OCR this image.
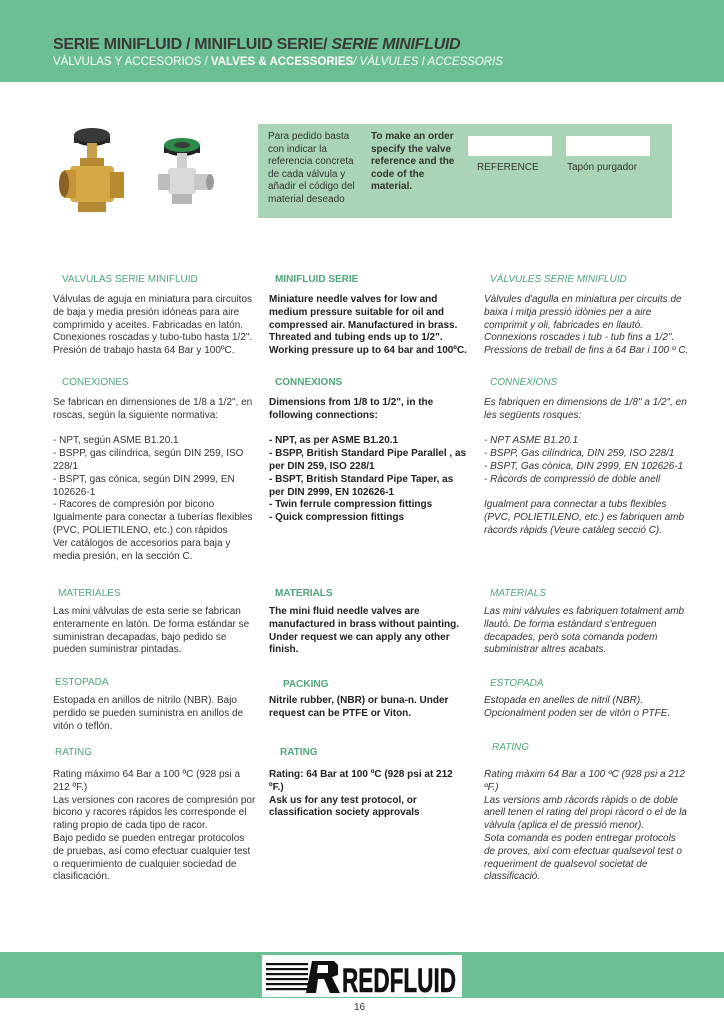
SERIE MINIFLUID / MINIFLUID SERIE/ SERIE MINIFLUID
VÁLVULAS Y ACCESORIOS / VALVES & ACCESSORIES/ VÀLVULES I ACCESSORIS
Para pedido basta con indicar la referencia concreta de cada válvula y añadir el código del material deseado
To make an order specify the valve reference and the code of the material.
REFERENCE	Tapón purgador
VALVULAS SERIE MINIFLUID	MINIFLUID SERIE	VÀLVULES SERIE MINIFLUID

Válvulas de aguja en miniatura para circuitos de baja y media presión idóneas para aire comprimido y aceites. Fabricadas en latón. Conexiones roscadas y tubo-tubo hasta 1/2". Presión de trabajo hasta 64 Bar y 100ºC.

Miniature needle valves for low and medium pressure suitable for oil and compressed air. Manufactured in brass. Threated and tubing ends up to 1/2". Working pressure up to 64 bar and 100ºC.

Vàlvules d'agulla en miniatura per circuits de baixa i mitja pressió idònies per a aire comprimit y oli, fabricades en llautó. Connexions roscades i tub - tub fins a 1/2". Pressions de treball de fins a 64 Bar i 100 º C.

CONEXIONES	CONNEXIONS	CONNEXIONS

Se fabrican en dimensiones de 1/8 a 1/2", en roscas, según la siguiente normativa:

- NPT, según ASME B1.20.1
- BSPP, gas cilíndrica, según DIN 259, ISO 228/1
- BSPT, gas cónica, según DIN 2999, EN 102626-1
- Racores de compresión por bicono
Igualmente para conectar a tuberías flexibles (PVC, POLIETILENO, etc.) con rápidos
Ver catálogos de accesorios para baja y media presión, en la sección C.

Dimensions from 1/8 to 1/2", in the following connections:

- NPT, as per ASME B1.20.1
- BSPP, British Standard Pipe Parallel , as per DIN 259, ISO 228/1
- BSPT, British Standard Pipe Taper, as per DIN 2999, EN 102626-1
- Twin ferrule compression fittings
- Quick compression fittings

Es fabriquen en dimensions de 1/8" a 1/2", en les següents rosques:

- NPT ASME B1.20.1
- BSPP, Gas cilíndrica, DIN 259, ISO 228/1
- BSPT, Gas cònica, DIN 2999, EN 102626-1
- Ràcords de compressió de doble anell

Igualment para connectar a tubs flexibles (PVC, POLIETILENO, etc.) es fabriquen amb ràcords ràpids (Veure catàleg secció C).

MATERIALES	MATERIALS	MATERIALS

Las mini válvulas de esta serie se fabrican enteramente en latón. De forma estándar se suministran decapadas, bajo pedido se pueden suministrar pintadas.

The mini fluid needle valves are manufactured in brass without painting. Under request we can apply any other finish.

Las mini vàlvules es fabriquen totalment amb llautó. De forma estàndard s'entreguen decapades, però sota comanda podem subministrar altres acabats.

ESTOPADA	PACKING	ESTOPADA

Estopada en anillos de nitrilo (NBR). Bajo perdido se pueden suministra en anillos de vitón o teflón.

Nitrile rubber, (NBR) or buna-n. Under request can be PTFE or Viton.

Estopada en anelles de nitril (NBR). Opcionalment poden ser de vitón o PTFE.

RATING	RATING	RATING

Rating máximo 64 Bar a 100 ºC (928 psi a 212 ºF.)
Las versiones con racores de compresión por bicono y racores rápidos les corresponde el rating propio de cada tipo de racor.
Bajo pedido se pueden entregar protocolos de pruebas, así como efectuar cualquier test o requerimiento de cualquier sociedad de clasificación.

Rating: 64 Bar at 100 ºC (928 psi at 212 ºF.)
Ask us for any test protocol, or classification society approvals

Rating màxim 64 Bar a 100 ºC (928 psi a 212 ºF.)
Las versions amb ràcords ràpids o de doble anell tenen el rating del propi ràcord o el de la vàlvula (aplica el de pressió menor).
Sota comanda es poden entregar protocols de proves, així com efectuar qualsevol test o requeriment de qualsevol societat de classificació.

REDFLUID
16
